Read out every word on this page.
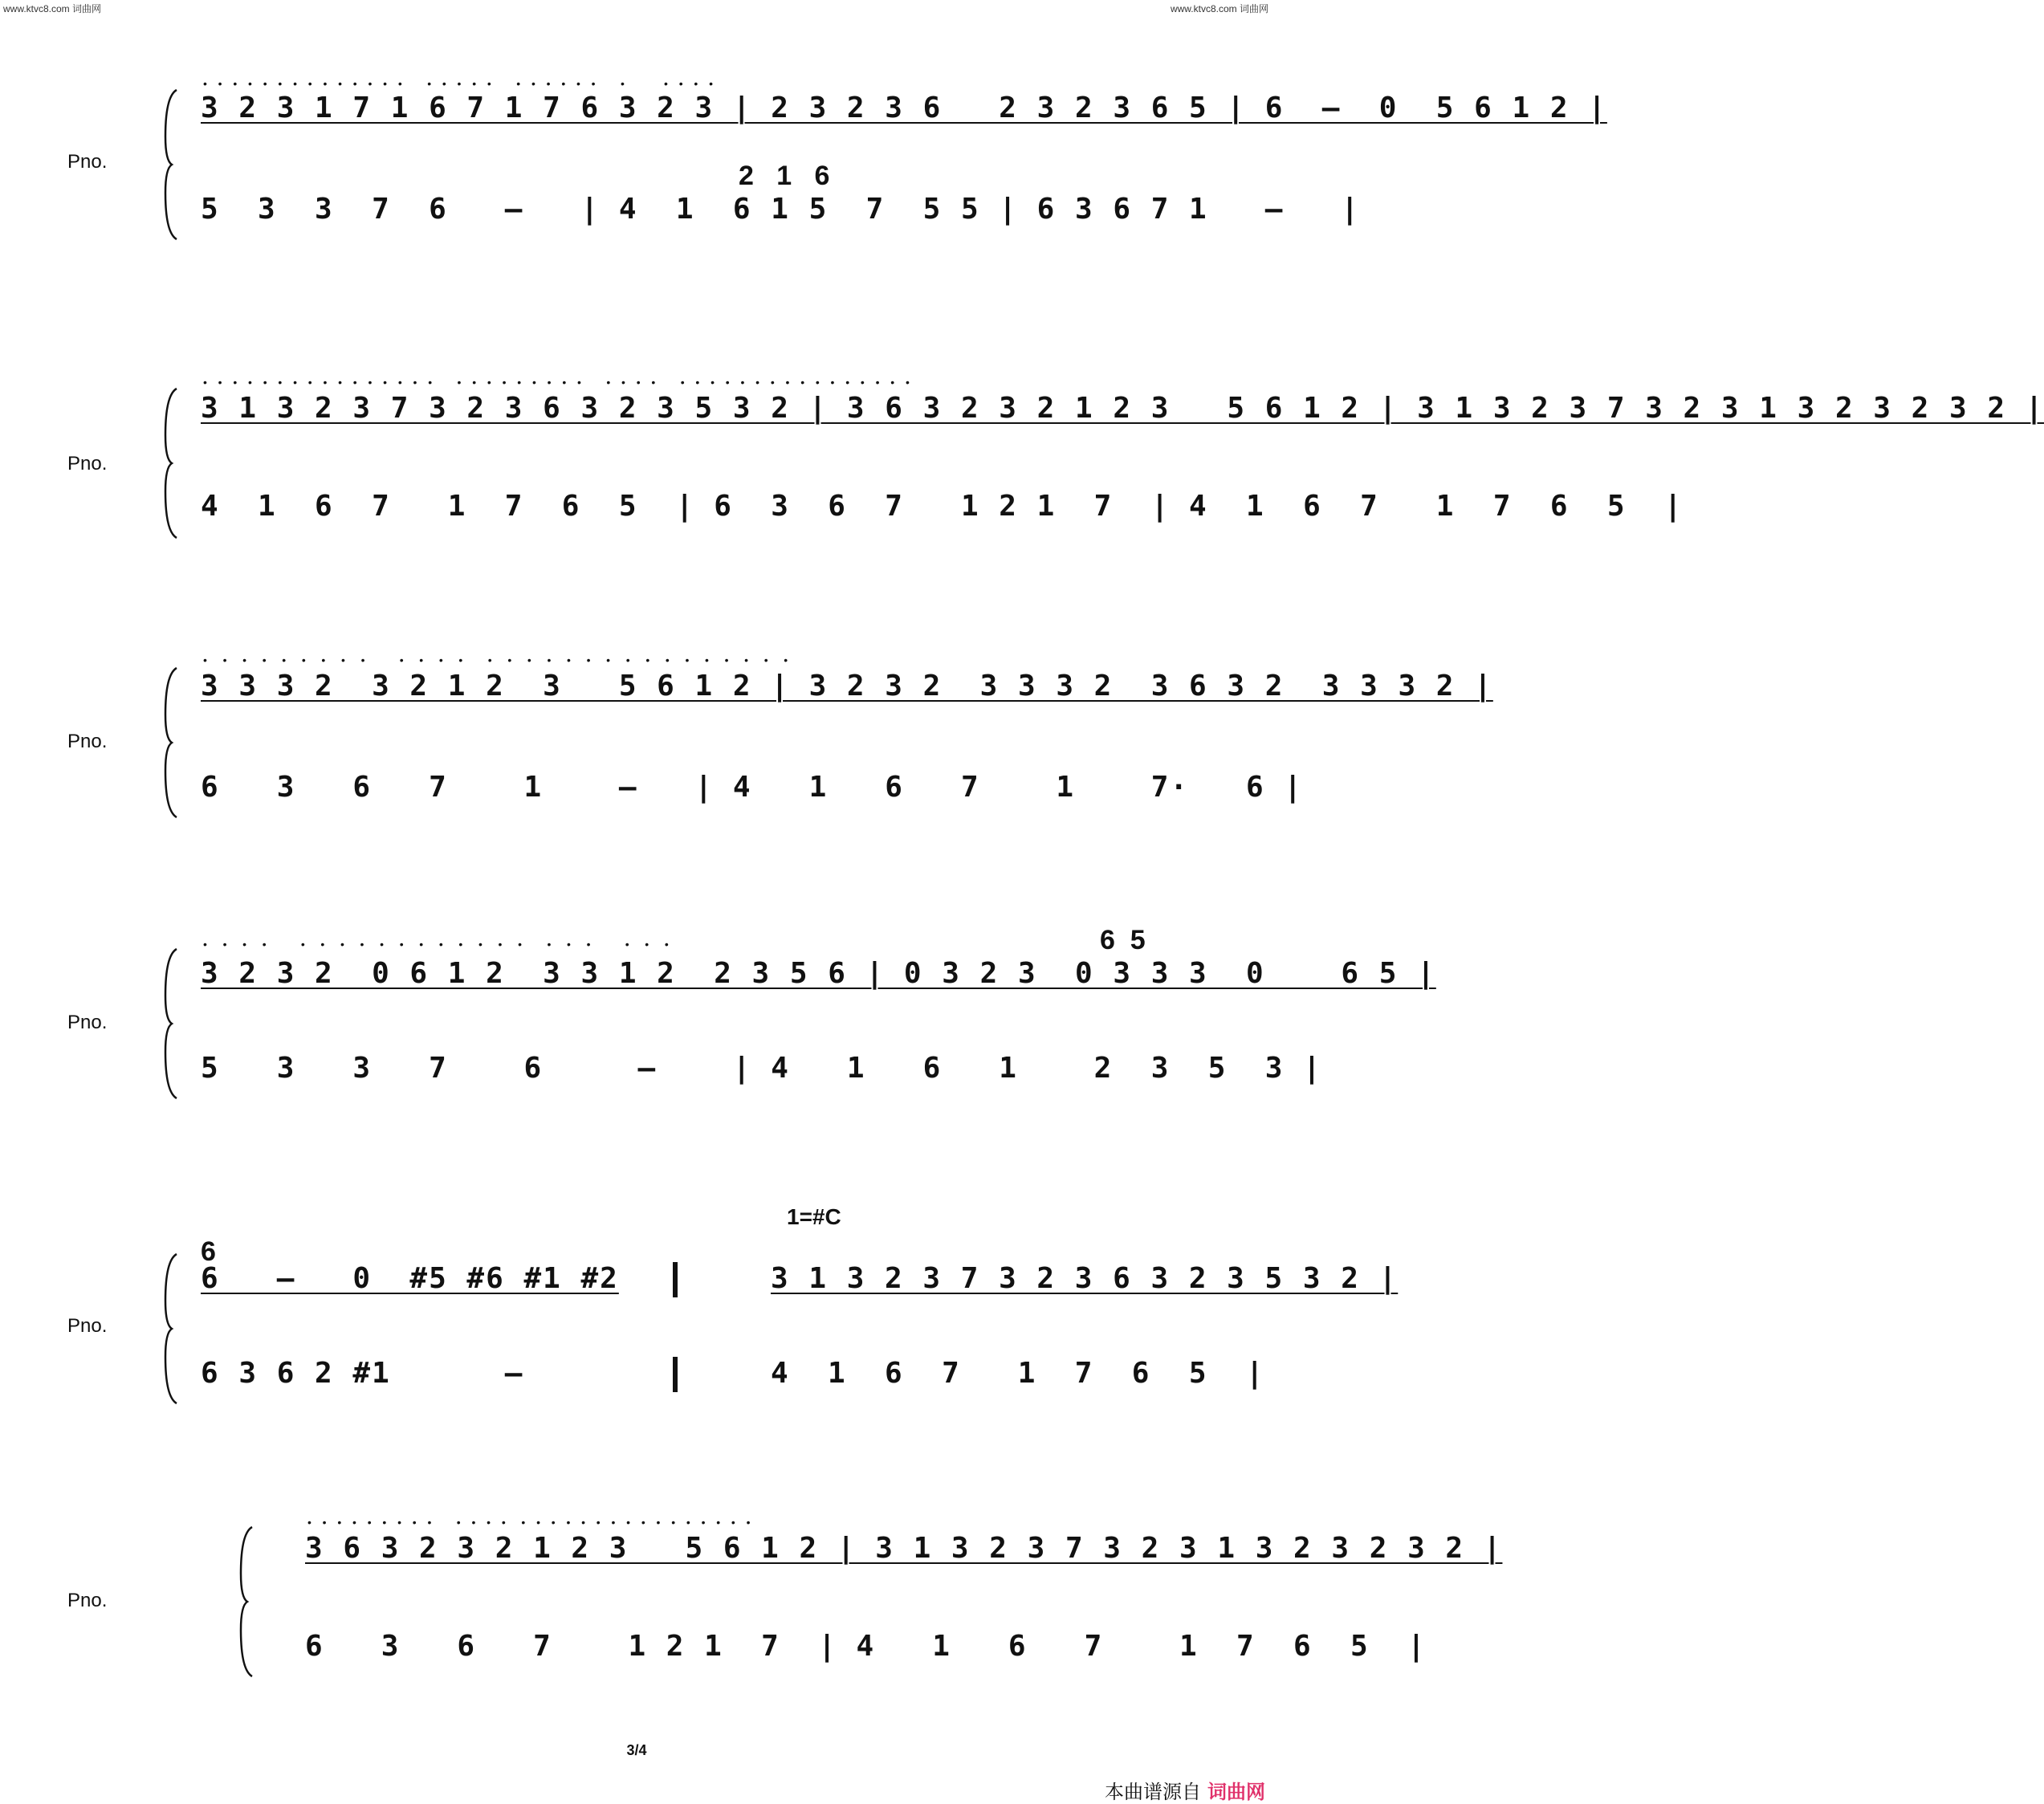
www.ktvc8.com 词曲网	www.ktvc8.com 词曲网
Pno.
•  •  •  •  •  •  •  •  •  •  •  •  •  •     •  •  •  •  •     •  •  •  •  •  •     •        •  •  •  •
3 2 3 1 7 1 6 7 1 7 6 3 2 3 | 2 3 2 3 6   2 3 2 3 6 5 | 6  –  0  5 6 1 2 |
2   1   6
5  3  3  7  6   –   | 4  1  6 1 5  7  5 5 | 6 3 6 7 1   –   |
Pno.
•  •  •  •  •  •  •  •  •  •  •  •  •  •  •  •     •  •  •  •  •  •  •  •  •     •  •  •  •     •  •  •  •  •  •  •  •  •  •  •  •  •  •  •  •
3 1 3 2 3 7 3 2 3 6 3 2 3 5 3 2 | 3 6 3 2 3 2 1 2 3   5 6 1 2 | 3 1 3 2 3 7 3 2 3 1 3 2 3 2 3 2 |
4  1  6  7   1  7  6  5  | 6  3  6  7   1 2 1  7  | 4  1  6  7   1  7  6  5  |
Pno.
•   •   •   •   •   •   •   •   •       •   •   •   •     •   •   •   •   •   •   •   •   •   •   •   •   •   •   •   •
3 3 3 2  3 2 1 2  3   5 6 1 2 | 3 2 3 2  3 3 3 2  3 6 3 2  3 3 3 2 |
6   3   6   7    1    –   | 4   1   6   7    1    7·   6 |
Pno.
•   •   •   •       •   •   •   •   •   •   •   •   •   •   •   •     •   •   •       •   •   •	6  5
3 2 3 2  0 6 1 2  3 3 1 2  2 3 5 6 | 0 3 2 3  0 3 3 3  0    6 5 |
5   3   3   7    6     –    | 4   1   6   1    2  3  5  3 |
1=#C
Pno.
6
6   –   0  #5 #6 #1 #2	3 1 3 2 3 7 3 2 3 6 3 2 3 5 3 2 |
6 3 6 2 #1      –	4  1  6  7   1  7  6  5  |
Pno.
•  •  •  •  •  •  •  •  •     •  •  •  •   •  •  •  •  •  •  •  •  •  •  •  •  •  •  •  •
3 6 3 2 3 2 1 2 3   5 6 1 2 | 3 1 3 2 3 7 3 2 3 1 3 2 3 2 3 2 |
6   3   6   7    1 2 1  7  | 4   1   6   7    1  7  6  5  |
3/4
本曲谱源自 词曲网
